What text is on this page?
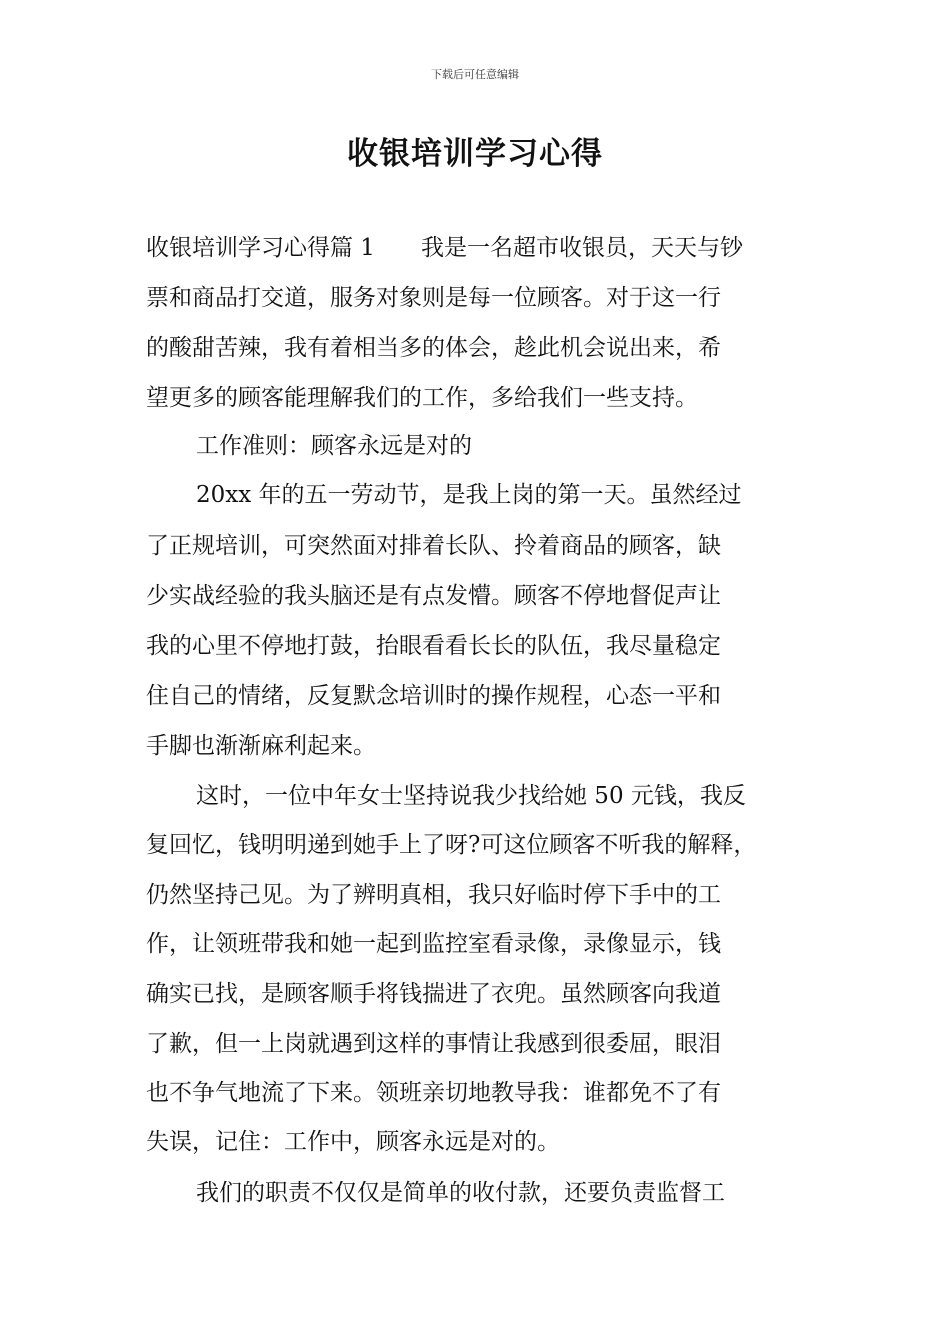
下载后可任意编辑
收银培训学习心得
收银培训学习心得篇 1　　我是一名超市收银员，天天与钞
票和商品打交道，服务对象则是每一位顾客。对于这一行
的酸甜苦辣，我有着相当多的体会，趁此机会说出来，希
望更多的顾客能理解我们的工作，多给我们一些支持。
工作准则：顾客永远是对的
20xx 年的五一劳动节，是我上岗的第一天。虽然经过
了正规培训，可突然面对排着长队、拎着商品的顾客，缺
少实战经验的我头脑还是有点发懵。顾客不停地督促声让
我的心里不停地打鼓，抬眼看看长长的队伍，我尽量稳定
住自己的情绪，反复默念培训时的操作规程，心态一平和
手脚也渐渐麻利起来。
这时，一位中年女士坚持说我少找给她 50 元钱，我反
复回忆，钱明明递到她手上了呀?可这位顾客不听我的解释，
仍然坚持己见。为了辨明真相，我只好临时停下手中的工
作，让领班带我和她一起到监控室看录像，录像显示，钱
确实已找，是顾客顺手将钱揣进了衣兜。虽然顾客向我道
了歉，但一上岗就遇到这样的事情让我感到很委屈，眼泪
也不争气地流了下来。领班亲切地教导我：谁都免不了有
失误，记住：工作中，顾客永远是对的。
我们的职责不仅仅是简单的收付款，还要负责监督工
